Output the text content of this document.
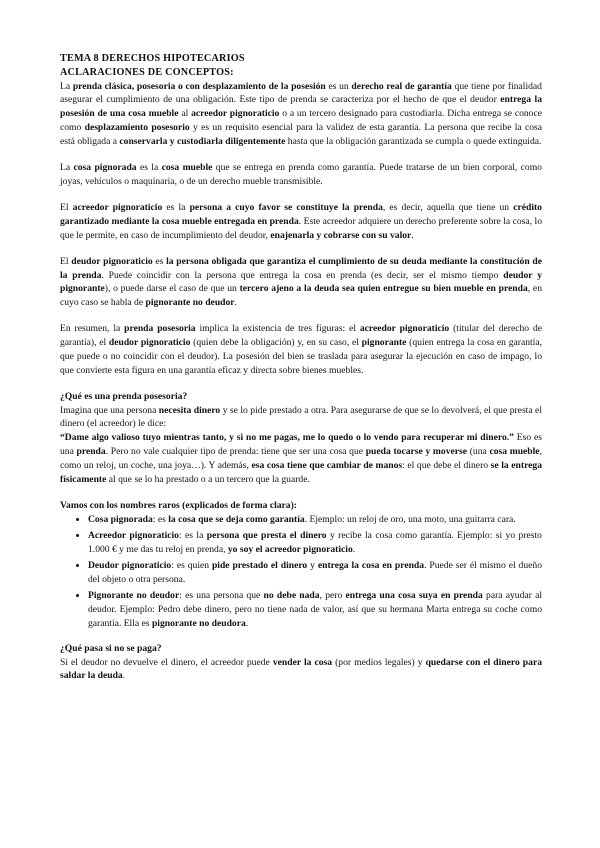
TEMA 8 DERECHOS HIPOTECARIOS
ACLARACIONES DE CONCEPTOS:

La prenda clásica, posesoria o con desplazamiento de la posesión es un derecho real de garantía que tiene por finalidad asegurar el cumplimiento de una obligación. Este tipo de prenda se caracteriza por el hecho de que el deudor entrega la posesión de una cosa mueble al acreedor pignoraticio o a un tercero designado para custodiarla. Dicha entrega se conoce como desplazamiento posesorio y es un requisito esencial para la validez de esta garantía. La persona que recibe la cosa está obligada a conservarla y custodiarla diligentemente hasta que la obligación garantizada se cumpla o quede extinguida.

La cosa pignorada es la cosa mueble que se entrega en prenda como garantía. Puede tratarse de un bien corporal, como joyas, vehículos o maquinaria, o de un derecho mueble transmisible.

El acreedor pignoraticio es la persona a cuyo favor se constituye la prenda, es decir, aquella que tiene un crédito garantizado mediante la cosa mueble entregada en prenda. Este acreedor adquiere un derecho preferente sobre la cosa, lo que le permite, en caso de incumplimiento del deudor, enajenarla y cobrarse con su valor.

El deudor pignoraticio es la persona obligada que garantiza el cumplimiento de su deuda mediante la constitución de la prenda. Puede coincidir con la persona que entrega la cosa en prenda (es decir, ser el mismo tiempo deudor y pignorante), o puede darse el caso de que un tercero ajeno a la deuda sea quien entregue su bien mueble en prenda, en cuyo caso se habla de pignorante no deudor.

En resumen, la prenda posesoria implica la existencia de tres figuras: el acreedor pignoraticio (titular del derecho de garantía), el deudor pignoraticio (quien debe la obligación) y, en su caso, el pignorante (quien entrega la cosa en garantía, que puede o no coincidir con el deudor). La posesión del bien se traslada para asegurar la ejecución en caso de impago, lo que convierte esta figura en una garantía eficaz y directa sobre bienes muebles.

¿Qué es una prenda posesoria?

Imagina que una persona necesita dinero y se lo pide prestado a otra. Para asegurarse de que se lo devolverá, el que presta el dinero (el acreedor) le dice:
“Dame algo valioso tuyo mientras tanto, y si no me pagas, me lo quedo o lo vendo para recuperar mi dinero.” Eso es una prenda. Pero no vale cualquier tipo de prenda: tiene que ser una cosa que pueda tocarse y moverse (una cosa mueble, como un reloj, un coche, una joya…). Y además, esa cosa tiene que cambiar de manos: el que debe el dinero se la entrega físicamente al que se lo ha prestado o a un tercero que la guarde.

Vamos con los nombres raros (explicados de forma clara):
• Cosa pignorada: es la cosa que se deja como garantía. Ejemplo: un reloj de oro, una moto, una guitarra cara.
• Acreedor pignoraticio: es la persona que presta el dinero y recibe la cosa como garantía. Ejemplo: si yo presto 1.000 € y me das tu reloj en prenda, yo soy el acreedor pignoraticio.
• Deudor pignoraticio: es quien pide prestado el dinero y entrega la cosa en prenda. Puede ser él mismo el dueño del objeto o otra persona.
• Pignorante no deudor: es una persona que no debe nada, pero entrega una cosa suya en prenda para ayudar al deudor. Ejemplo: Pedro debe dinero, pero no tiene nada de valor, así que su hermana Marta entrega su coche como garantía. Ella es pignorante no deudora.
¿Qué pasa si no se paga?

Si el deudor no devuelve el dinero, el acreedor puede vender la cosa (por medios legales) y quedarse con el dinero para saldar la deuda.
